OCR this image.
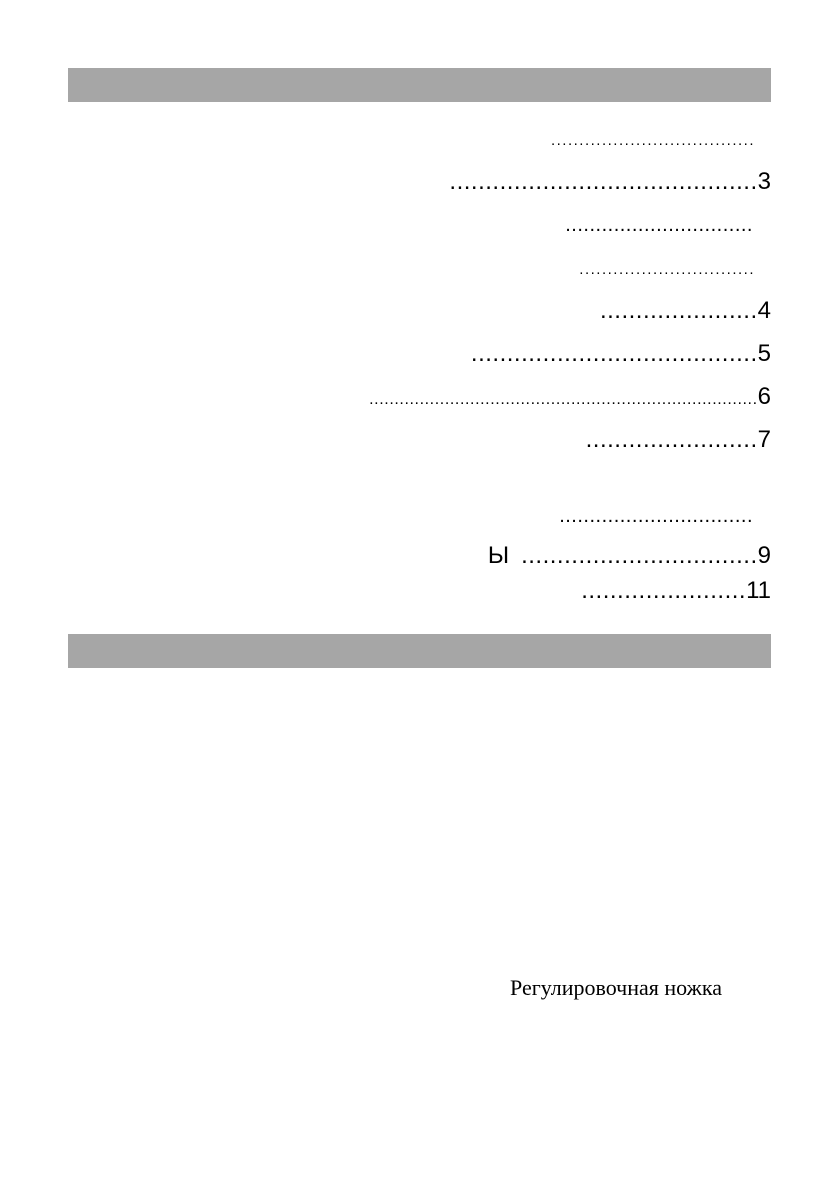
....................................
...........................................3
...............................
...............................
......................4
........................................5
.............................................................................6
........................7
................................
Ы .................................9
.......................11
Регулировочная ножка
